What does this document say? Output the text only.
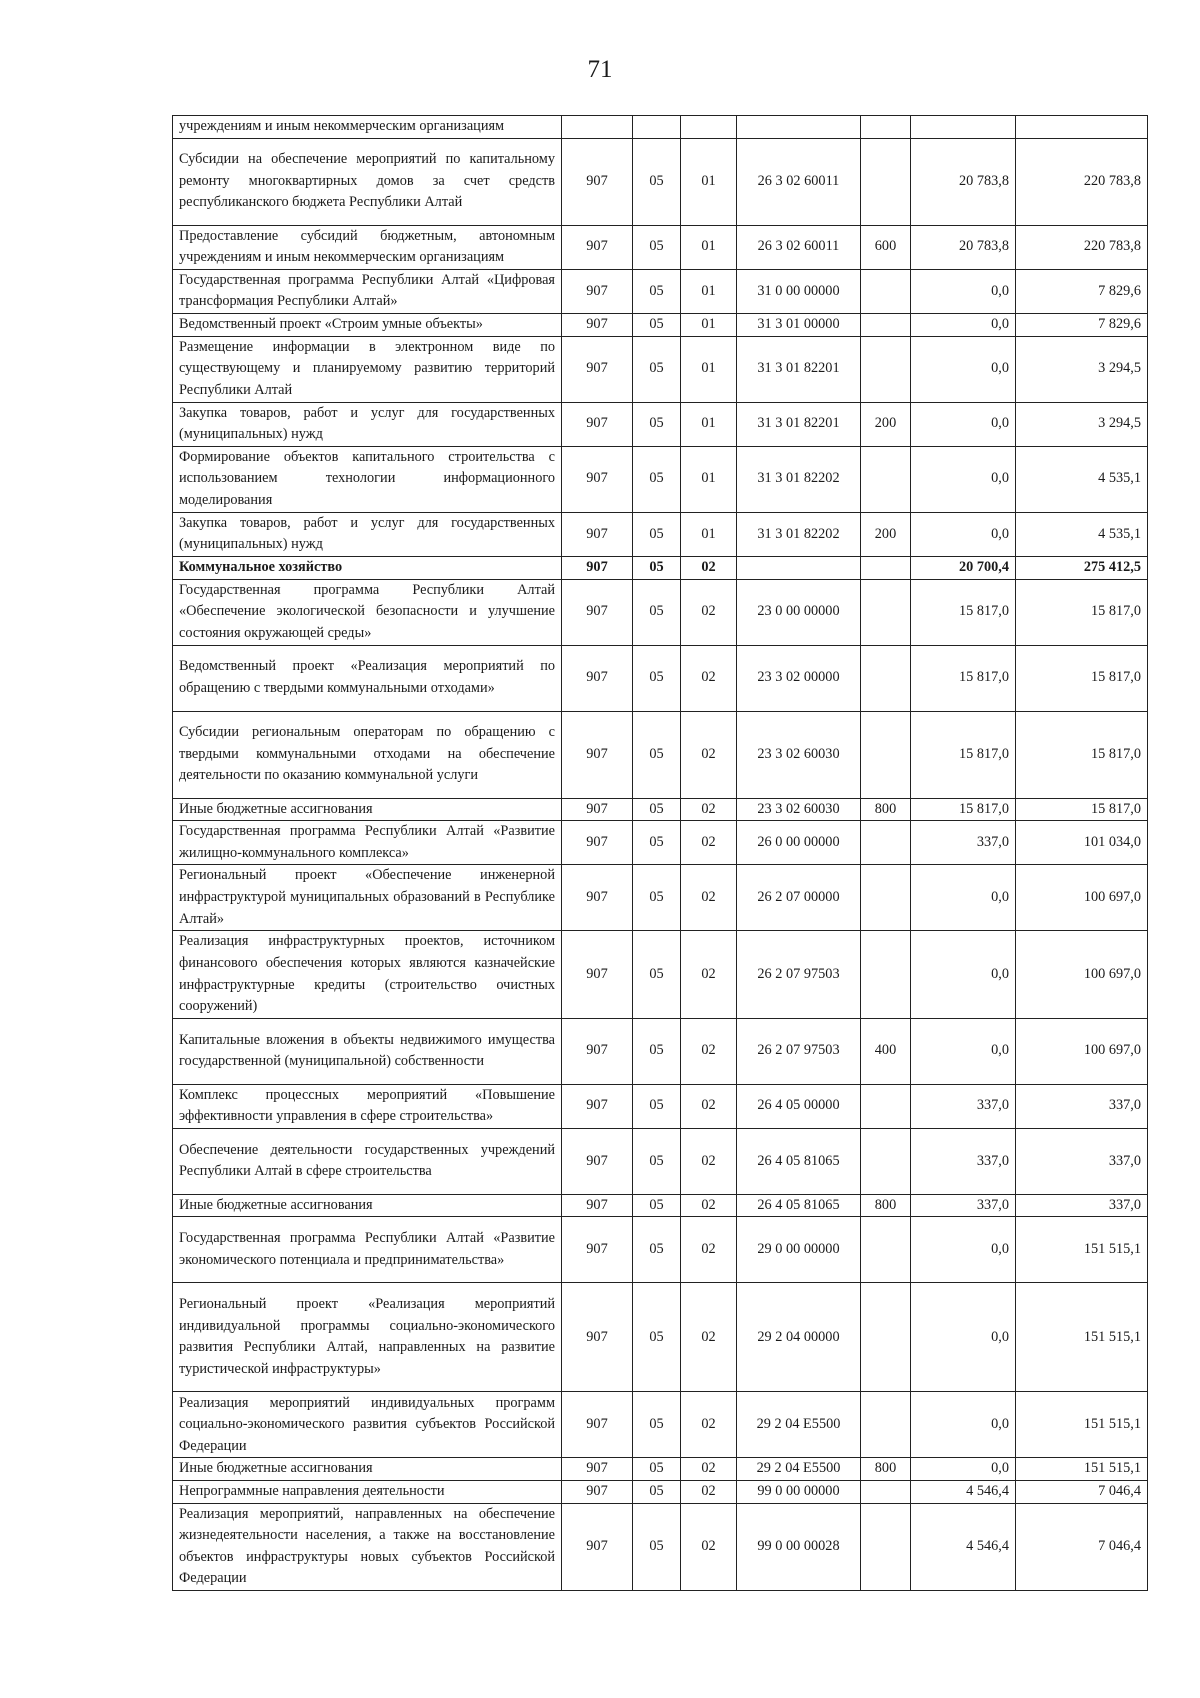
71
учреждениям и иным некоммерческим организациям							
Субсидии на обеспечение мероприятий по капитальному ремонту многоквартирных домов за счет средств республиканского бюджета Республики Алтай	907	05	01	26 3 02 60011		20 783,8	220 783,8
Предоставление субсидий бюджетным, автономным учреждениям и иным некоммерческим организациям	907	05	01	26 3 02 60011	600	20 783,8	220 783,8
Государственная программа Республики Алтай «Цифровая трансформация Республики Алтай»	907	05	01	31 0 00 00000		0,0	7 829,6
Ведомственный проект «Строим умные объекты»	907	05	01	31 3 01 00000		0,0	7 829,6
Размещение информации в электронном виде по существующему и планируемому развитию территорий Республики Алтай	907	05	01	31 3 01 82201		0,0	3 294,5
Закупка товаров, работ и услуг для государственных (муниципальных) нужд	907	05	01	31 3 01 82201	200	0,0	3 294,5
Формирование объектов капитального строительства с использованием технологии информационного моделирования	907	05	01	31 3 01 82202		0,0	4 535,1
Закупка товаров, работ и услуг для государственных (муниципальных) нужд	907	05	01	31 3 01 82202	200	0,0	4 535,1
Коммунальное хозяйство	907	05	02			20 700,4	275 412,5
Государственная программа Республики Алтай «Обеспечение экологической безопасности и улучшение состояния окружающей среды»	907	05	02	23 0 00 00000		15 817,0	15 817,0
Ведомственный проект «Реализация мероприятий по обращению с твердыми коммунальными отходами»	907	05	02	23 3 02 00000		15 817,0	15 817,0
Субсидии региональным операторам по обращению с твердыми коммунальными отходами на обеспечение деятельности по оказанию коммунальной услуги	907	05	02	23 3 02 60030		15 817,0	15 817,0
Иные бюджетные ассигнования	907	05	02	23 3 02 60030	800	15 817,0	15 817,0
Государственная программа Республики Алтай «Развитие жилищно-коммунального комплекса»	907	05	02	26 0 00 00000		337,0	101 034,0
Региональный проект «Обеспечение инженерной инфраструктурой муниципальных образований в Республике Алтай»	907	05	02	26 2 07 00000		0,0	100 697,0
Реализация инфраструктурных проектов, источником финансового обеспечения которых являются казначейские инфраструктурные кредиты (строительство очистных сооружений)	907	05	02	26 2 07 97503		0,0	100 697,0
Капитальные вложения в объекты недвижимого имущества государственной (муниципальной) собственности	907	05	02	26 2 07 97503	400	0,0	100 697,0
Комплекс процессных мероприятий «Повышение эффективности управления в сфере строительства»	907	05	02	26 4 05 00000		337,0	337,0
Обеспечение деятельности государственных учреждений Республики Алтай в сфере строительства	907	05	02	26 4 05 81065		337,0	337,0
Иные бюджетные ассигнования	907	05	02	26 4 05 81065	800	337,0	337,0
Государственная программа Республики Алтай «Развитие экономического потенциала и предпринимательства»	907	05	02	29 0 00 00000		0,0	151 515,1
Региональный проект «Реализация мероприятий индивидуальной программы социально-экономического развития Республики Алтай, направленных на развитие туристической инфраструктуры»	907	05	02	29 2 04 00000		0,0	151 515,1
Реализация мероприятий индивидуальных программ социально-экономического развития субъектов Российской Федерации	907	05	02	29 2 04 E5500		0,0	151 515,1
Иные бюджетные ассигнования	907	05	02	29 2 04 E5500	800	0,0	151 515,1
Непрограммные направления деятельности	907	05	02	99 0 00 00000		4 546,4	7 046,4
Реализация мероприятий, направленных на обеспечение жизнедеятельности населения, а также на восстановление объектов инфраструктуры новых субъектов Российской Федерации	907	05	02	99 0 00 00028		4 546,4	7 046,4
